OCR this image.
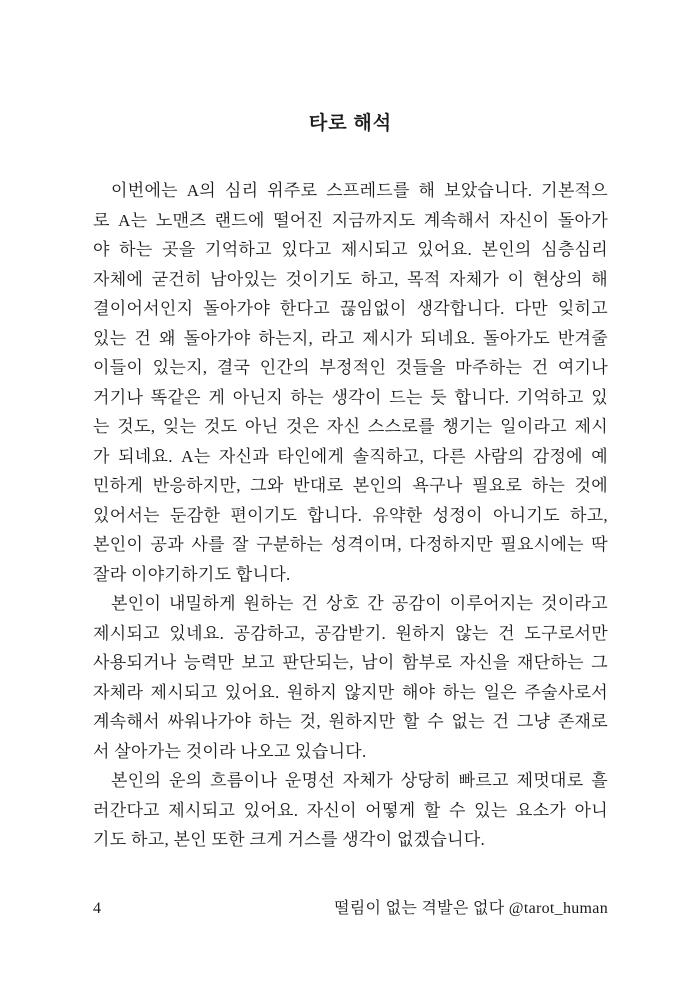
타로 해석
이번에는 A의 심리 위주로 스프레드를 해 보았습니다. 기본적으
로 A는 노맨즈 랜드에 떨어진 지금까지도 계속해서 자신이 돌아가
야 하는 곳을 기억하고 있다고 제시되고 있어요. 본인의 심층심리
자체에 굳건히 남아있는 것이기도 하고, 목적 자체가 이 현상의 해
결이어서인지 돌아가야 한다고 끊임없이 생각합니다. 다만 잊히고
있는 건 왜 돌아가야 하는지, 라고 제시가 되네요. 돌아가도 반겨줄
이들이 있는지, 결국 인간의 부정적인 것들을 마주하는 건 여기나
거기나 똑같은 게 아닌지 하는 생각이 드는 듯 합니다. 기억하고 있
는 것도, 잊는 것도 아닌 것은 자신 스스로를 챙기는 일이라고 제시
가 되네요. A는 자신과 타인에게 솔직하고, 다른 사람의 감정에 예
민하게 반응하지만, 그와 반대로 본인의 욕구나 필요로 하는 것에
있어서는 둔감한 편이기도 합니다. 유약한 성정이 아니기도 하고,
본인이 공과 사를 잘 구분하는 성격이며, 다정하지만 필요시에는 딱
잘라 이야기하기도 합니다.
본인이 내밀하게 원하는 건 상호 간 공감이 이루어지는 것이라고
제시되고 있네요. 공감하고, 공감받기. 원하지 않는 건 도구로서만
사용되거나 능력만 보고 판단되는, 남이 함부로 자신을 재단하는 그
자체라 제시되고 있어요. 원하지 않지만 해야 하는 일은 주술사로서
계속해서 싸워나가야 하는 것, 원하지만 할 수 없는 건 그냥 존재로
서 살아가는 것이라 나오고 있습니다.
본인의 운의 흐름이나 운명선 자체가 상당히 빠르고 제멋대로 흘
러간다고 제시되고 있어요. 자신이 어떻게 할 수 있는 요소가 아니
기도 하고, 본인 또한 크게 거스를 생각이 없겠습니다.
4	떨림이 없는 격발은 없다 @tarot_human
